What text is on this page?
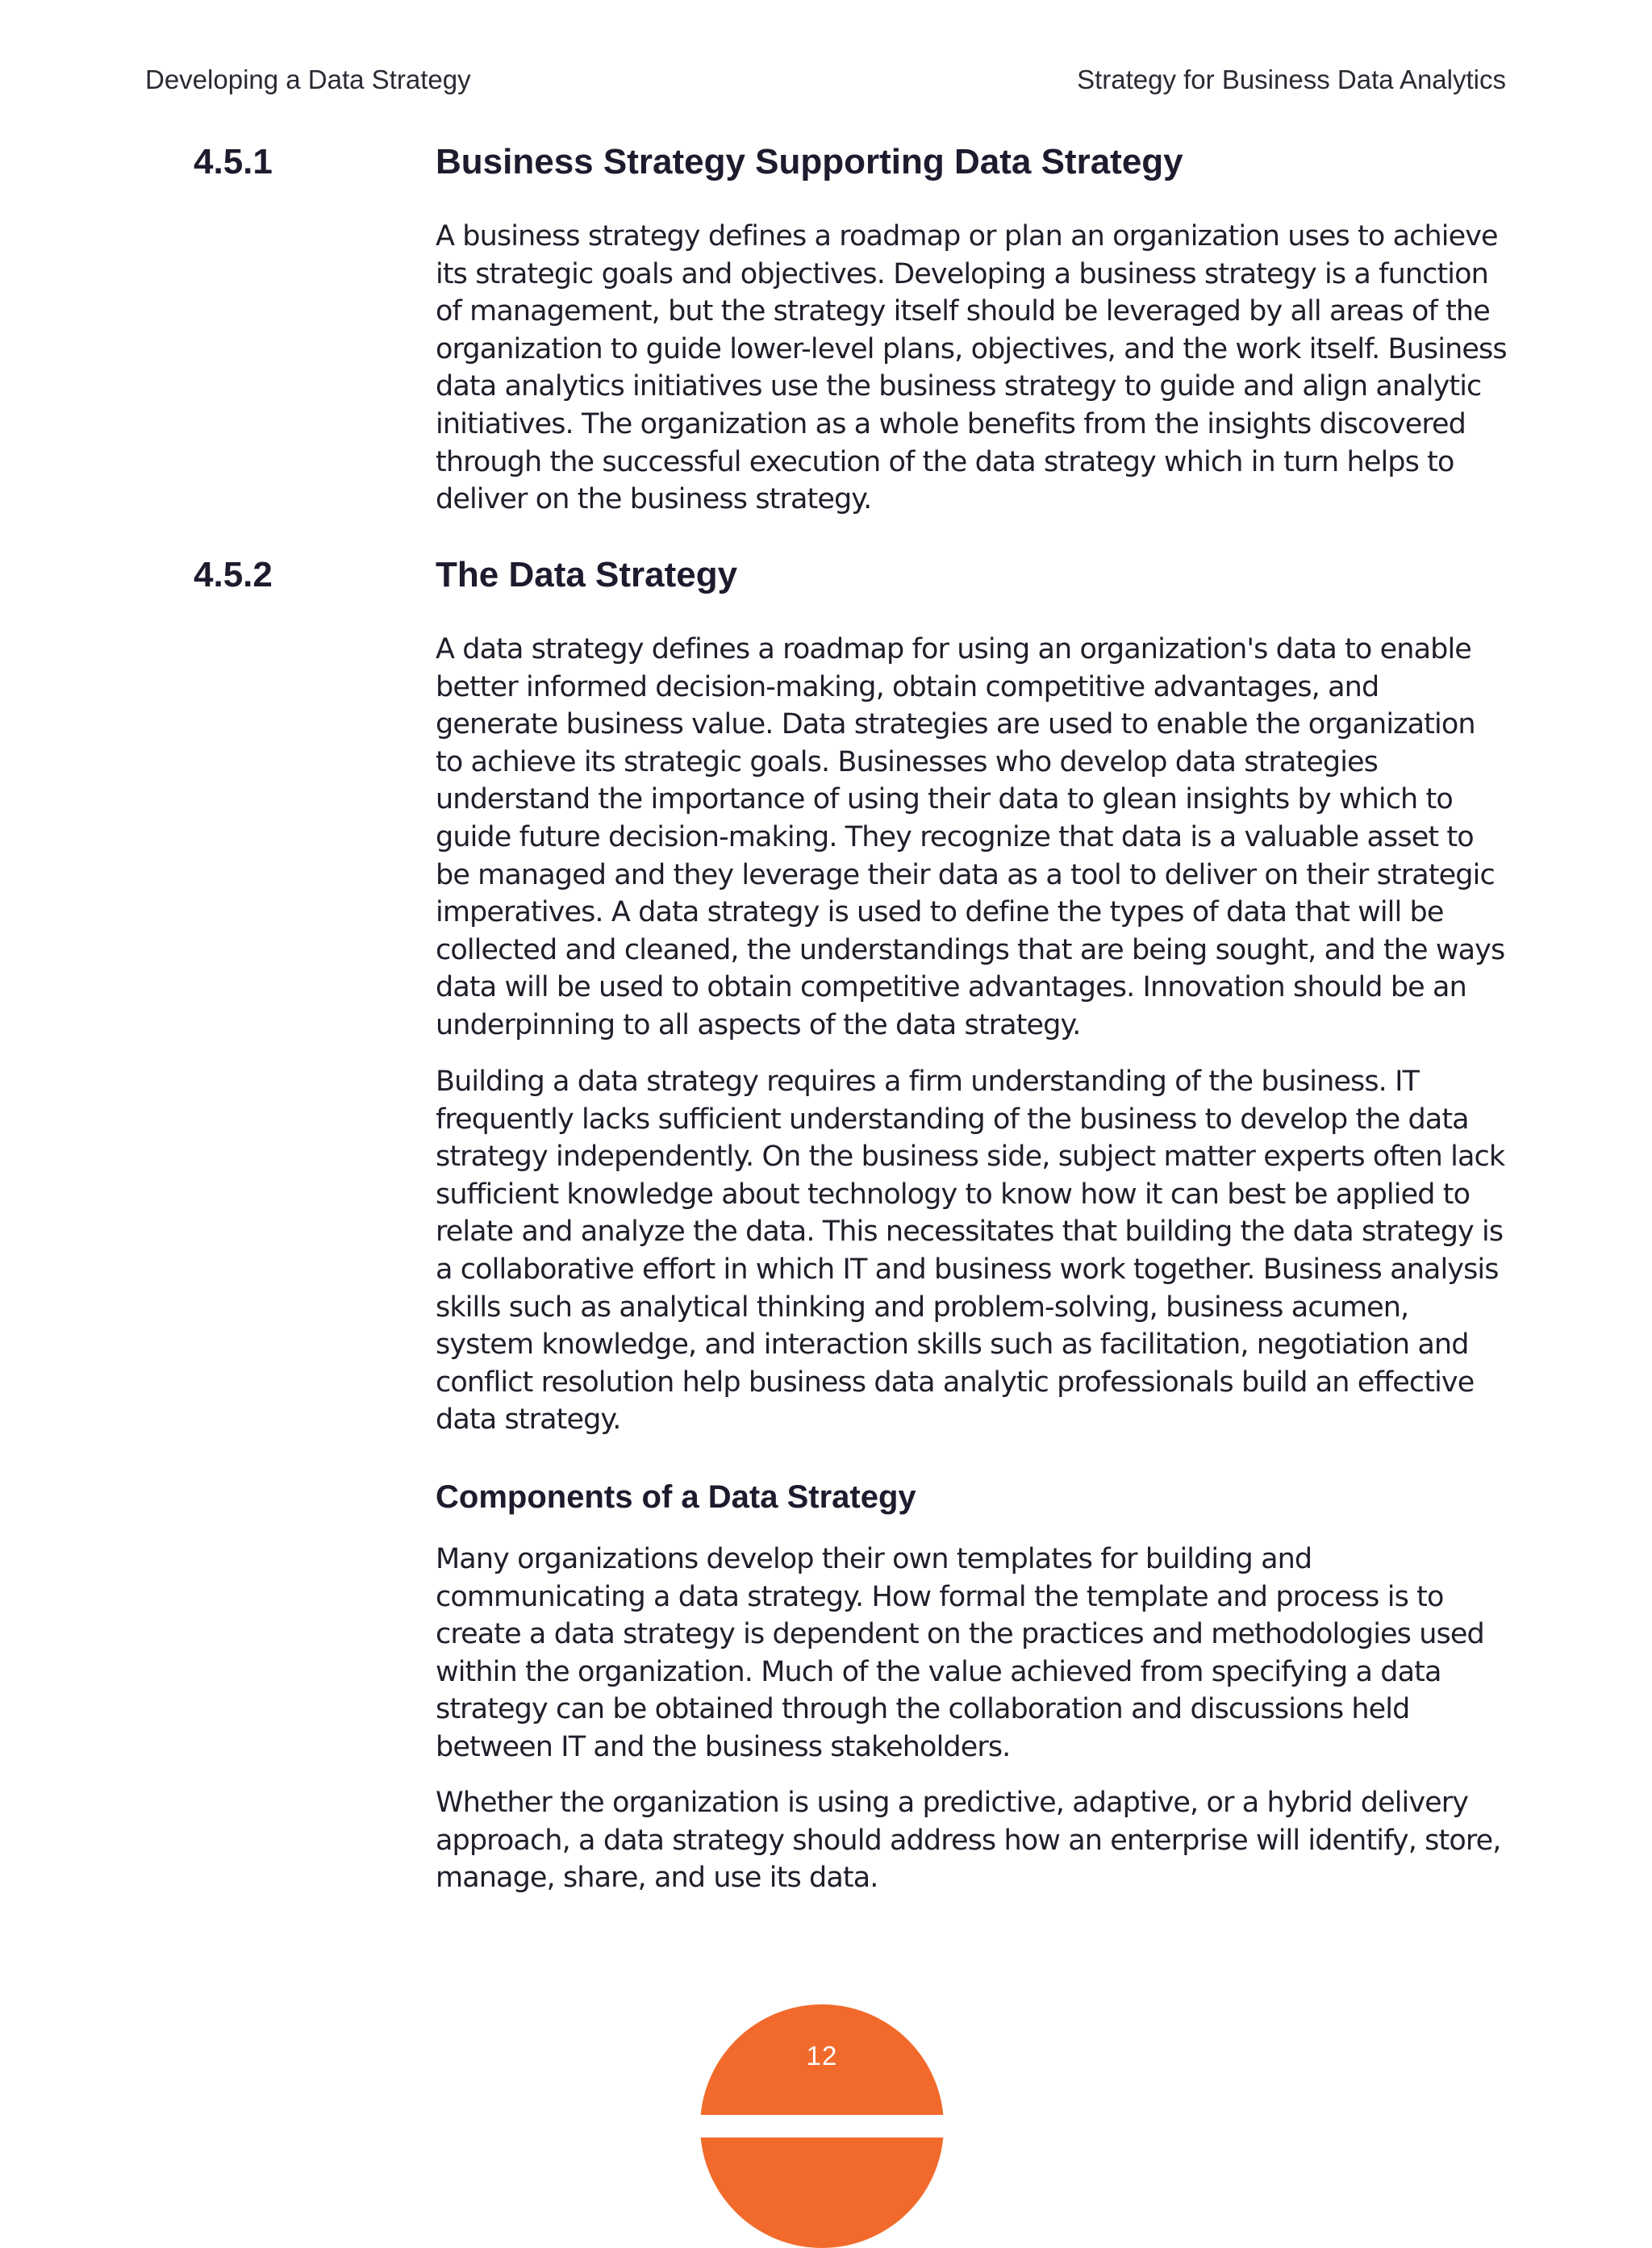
Developing a Data Strategy	Strategy for Business Data Analytics
4.5.1	Business Strategy Supporting Data Strategy

A business strategy defines a roadmap or plan an organization uses to achieve its strategic goals and objectives. Developing a business strategy is a function of management, but the strategy itself should be leveraged by all areas of the organization to guide lower-level plans, objectives, and the work itself. Business data analytics initiatives use the business strategy to guide and align analytic initiatives. The organization as a whole benefits from the insights discovered through the successful execution of the data strategy which in turn helps to deliver on the business strategy.

4.5.2	The Data Strategy

A data strategy defines a roadmap for using an organization's data to enable better informed decision-making, obtain competitive advantages, and generate business value. Data strategies are used to enable the organization to achieve its strategic goals. Businesses who develop data strategies understand the importance of using their data to glean insights by which to guide future decision-making. They recognize that data is a valuable asset to be managed and they leverage their data as a tool to deliver on their strategic imperatives. A data strategy is used to define the types of data that will be collected and cleaned, the understandings that are being sought, and the ways data will be used to obtain competitive advantages. Innovation should be an underpinning to all aspects of the data strategy.

Building a data strategy requires a firm understanding of the business. IT frequently lacks sufficient understanding of the business to develop the data strategy independently. On the business side, subject matter experts often lack sufficient knowledge about technology to know how it can best be applied to relate and analyze the data. This necessitates that building the data strategy is a collaborative effort in which IT and business work together. Business analysis skills such as analytical thinking and problem-solving, business acumen, system knowledge, and interaction skills such as facilitation, negotiation and conflict resolution help business data analytic professionals build an effective data strategy.

Components of a Data Strategy

Many organizations develop their own templates for building and communicating a data strategy. How formal the template and process is to create a data strategy is dependent on the practices and methodologies used within the organization. Much of the value achieved from specifying a data strategy can be obtained through the collaboration and discussions held between IT and the business stakeholders.

Whether the organization is using a predictive, adaptive, or a hybrid delivery approach, a data strategy should address how an enterprise will identify, store, manage, share, and use its data.

12
